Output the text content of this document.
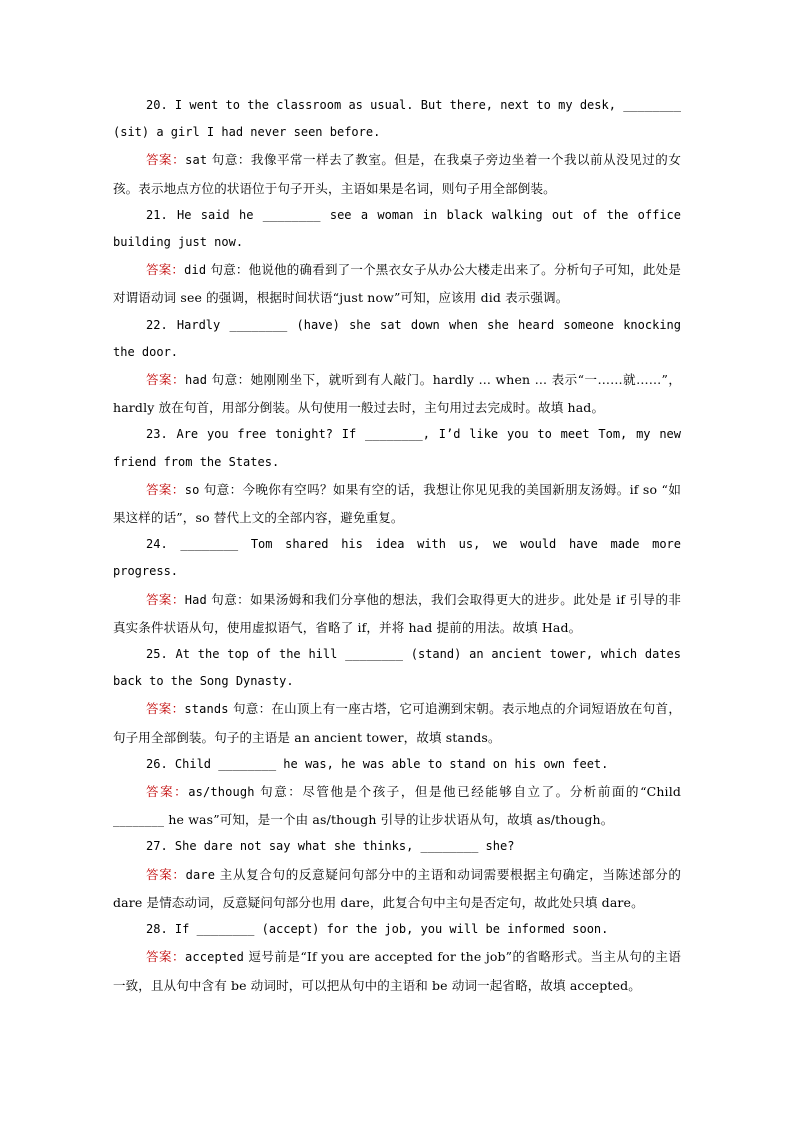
20. I went to the classroom as usual. But there, next to my desk, ________ (sit) a girl I had never seen before.

答案：sat 句意：我像平常一样去了教室。但是，在我桌子旁边坐着一个我以前从没见过的女孩。表示地点方位的状语位于句子开头，主语如果是名词，则句子用全部倒装。

21. He said he ________ see a woman in black walking out of the office building just now.

答案：did 句意：他说他的确看到了一个黑衣女子从办公大楼走出来了。分析句子可知，此处是对谓语动词 see 的强调，根据时间状语“just now”可知，应该用 did 表示强调。

22. Hardly ________ (have) she sat down when she heard someone knocking the door.

答案：had 句意：她刚刚坐下，就听到有人敲门。hardly ... when ... 表示“一……就……”，hardly 放在句首，用部分倒装。从句使用一般过去时，主句用过去完成时。故填 had。

23. Are you free tonight? If ________, I’d like you to meet Tom, my new friend from the States.

答案：so 句意：今晚你有空吗？如果有空的话，我想让你见见我的美国新朋友汤姆。if so “如果这样的话”，so 替代上文的全部内容，避免重复。

24. ________ Tom shared his idea with us, we would have made more progress.

答案：Had 句意：如果汤姆和我们分享他的想法，我们会取得更大的进步。此处是 if 引导的非真实条件状语从句，使用虚拟语气，省略了 if，并将 had 提前的用法。故填 Had。

25. At the top of the hill ________ (stand) an ancient tower, which dates back to the Song Dynasty.

答案：stands 句意：在山顶上有一座古塔，它可追溯到宋朝。表示地点的介词短语放在句首，句子用全部倒装。句子的主语是 an ancient tower，故填 stands。

26. Child ________ he was, he was able to stand on his own feet.

答案：as/though 句意：尽管他是个孩子，但是他已经能够自立了。分析前面的“Child ________ he was”可知，是一个由 as/though 引导的让步状语从句，故填 as/though。

27. She dare not say what she thinks, ________ she?

答案：dare 主从复合句的反意疑问句部分中的主语和动词需要根据主句确定，当陈述部分的 dare 是情态动词，反意疑问句部分也用 dare，此复合句中主句是否定句，故此处只填 dare。

28. If ________ (accept) for the job, you will be informed soon.

答案：accepted 逗号前是“If you are accepted for the job”的省略形式。当主从句的主语一致，且从句中含有 be 动词时，可以把从句中的主语和 be 动词一起省略，故填 accepted。
